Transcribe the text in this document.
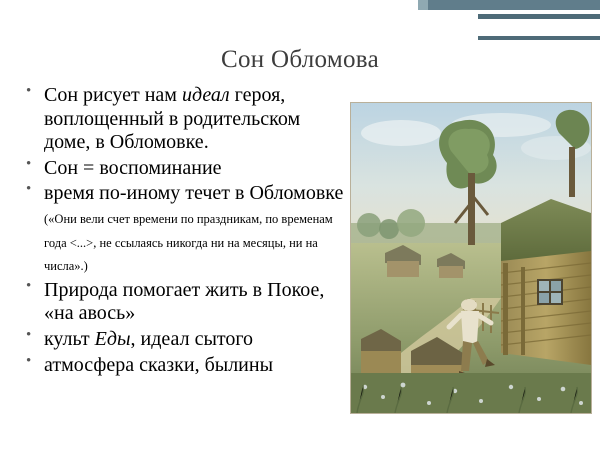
Сон Обломова
• Сон рисует нам идеал героя, воплощенный в родительском доме, в Обломовке.
• Сон = воспоминание
• время по-иному течет в Обломовке («Они вели счет времени по праздникам, по временам года <...>, не ссылаясь никогда ни на месяцы, ни на числа».)
• Природа помогает жить в Покое, «на авось»
• культ Еды, идеал сытого
• атмосфера сказки, былины
